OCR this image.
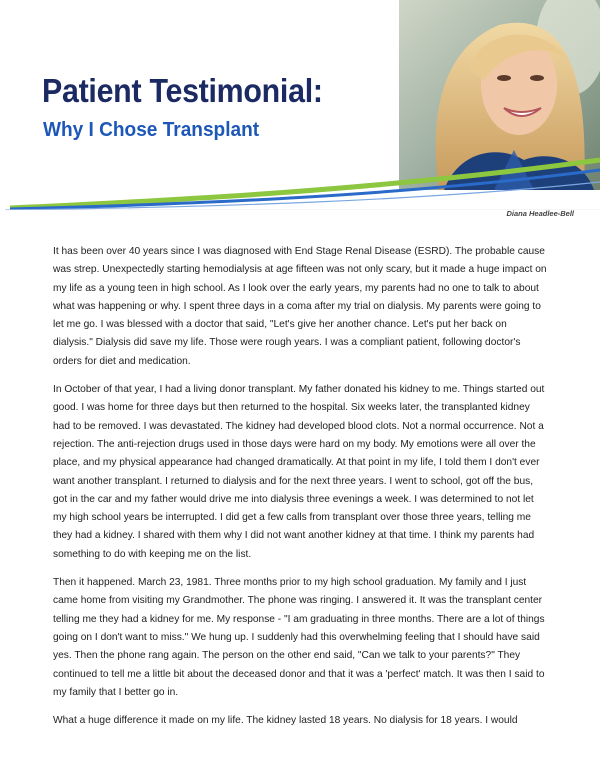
Patient Testimonial:
Why I Chose Transplant

Diana Headlee-Bell

It has been over 40 years since I was diagnosed with End Stage Renal Disease (ESRD). The probable cause was strep. Unexpectedly starting hemodialysis at age fifteen was not only scary, but it made a huge impact on my life as a young teen in high school. As I look over the early years, my parents had no one to talk to about what was happening or why. I spent three days in a coma after my trial on dialysis. My parents were going to let me go. I was blessed with a doctor that said, "Let's give her another chance. Let's put her back on dialysis." Dialysis did save my life. Those were rough years. I was a compliant patient, following doctor's orders for diet and medication.

In October of that year, I had a living donor transplant. My father donated his kidney to me. Things started out good. I was home for three days but then returned to the hospital. Six weeks later, the transplanted kidney had to be removed. I was devastated. The kidney had developed blood clots. Not a normal occurrence. Not a rejection. The anti-rejection drugs used in those days were hard on my body. My emotions were all over the place, and my physical appearance had changed dramatically. At that point in my life, I told them I don't ever want another transplant. I returned to dialysis and for the next three years. I went to school, got off the bus, got in the car and my father would drive me into dialysis three evenings a week. I was determined to not let my high school years be interrupted. I did get a few calls from transplant over those three years, telling me they had a kidney. I shared with them why I did not want another kidney at that time. I think my parents had something to do with keeping me on the list.

Then it happened. March 23, 1981. Three months prior to my high school graduation. My family and I just came home from visiting my Grandmother. The phone was ringing. I answered it. It was the transplant center telling me they had a kidney for me. My response - "I am graduating in three months. There are a lot of things going on I don't want to miss." We hung up. I suddenly had this overwhelming feeling that I should have said yes. Then the phone rang again. The person on the other end said, "Can we talk to your parents?" They continued to tell me a little bit about the deceased donor and that it was a 'perfect' match. It was then I said to my family that I better go in.

What a huge difference it made on my life. The kidney lasted 18 years. No dialysis for 18 years. I would
